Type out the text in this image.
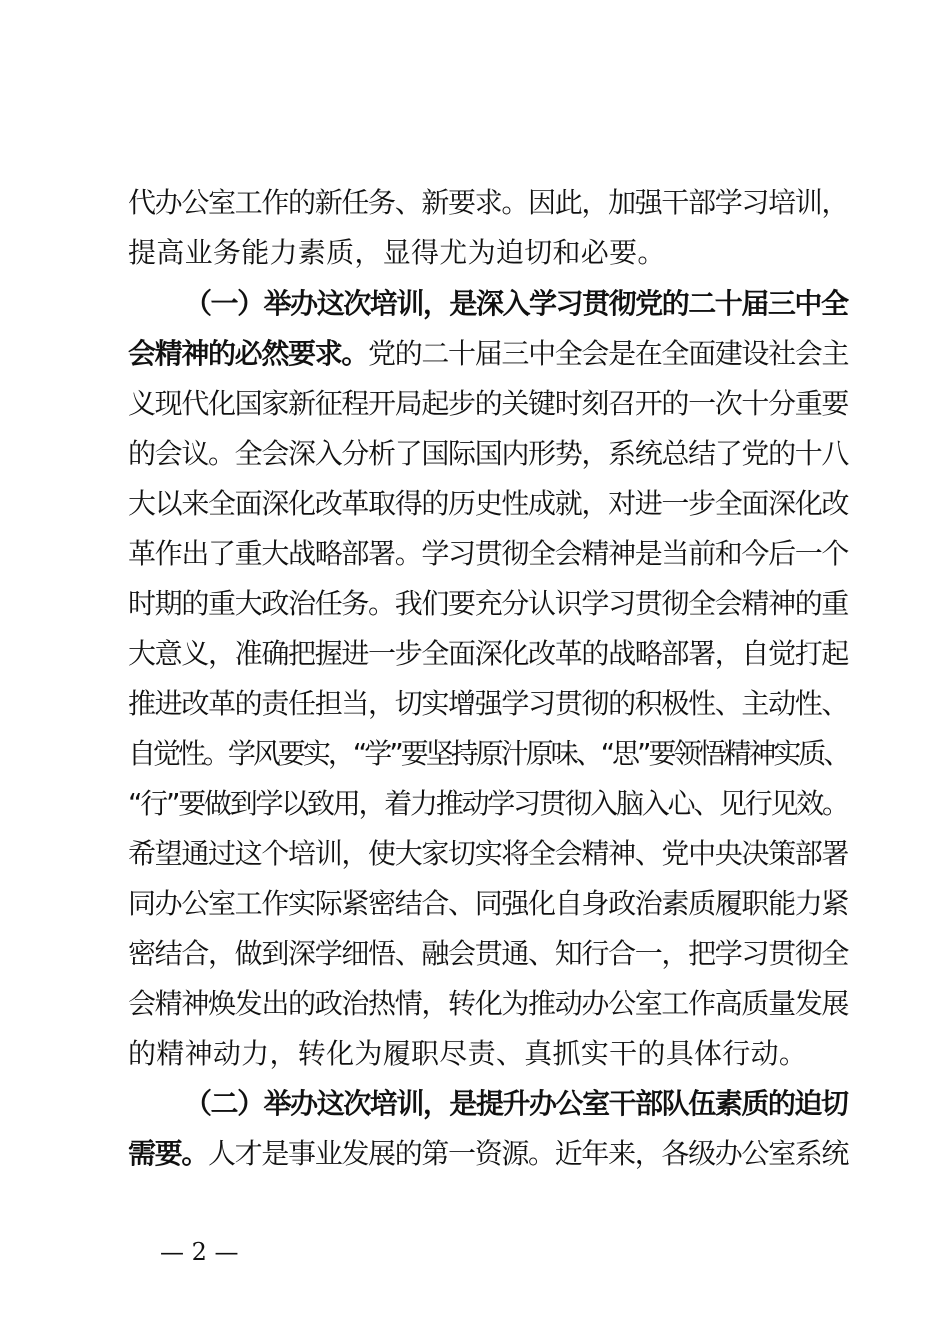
代办公室工作的新任务、新要求。因此，加强干部学习培训，
提高业务能力素质，显得尤为迫切和必要。
（一）举办这次培训，是深入学习贯彻党的二十届三中全
会精神的必然要求。党的二十届三中全会是在全面建设社会主
义现代化国家新征程开局起步的关键时刻召开的一次十分重要
的会议。全会深入分析了国际国内形势，系统总结了党的十八
大以来全面深化改革取得的历史性成就，对进一步全面深化改
革作出了重大战略部署。学习贯彻全会精神是当前和今后一个
时期的重大政治任务。我们要充分认识学习贯彻全会精神的重
大意义，准确把握进一步全面深化改革的战略部署，自觉打起
推进改革的责任担当，切实增强学习贯彻的积极性、主动性、
自觉性。学风要实，“学”要坚持原汁原味、“思”要领悟精神实质、
“行”要做到学以致用，着力推动学习贯彻入脑入心、见行见效。
希望通过这个培训，使大家切实将全会精神、党中央决策部署
同办公室工作实际紧密结合、同强化自身政治素质履职能力紧
密结合，做到深学细悟、融会贯通、知行合一，把学习贯彻全
会精神焕发出的政治热情，转化为推动办公室工作高质量发展
的精神动力，转化为履职尽责、真抓实干的具体行动。
（二）举办这次培训，是提升办公室干部队伍素质的迫切
需要。人才是事业发展的第一资源。近年来，各级办公室系统
— 2 —
